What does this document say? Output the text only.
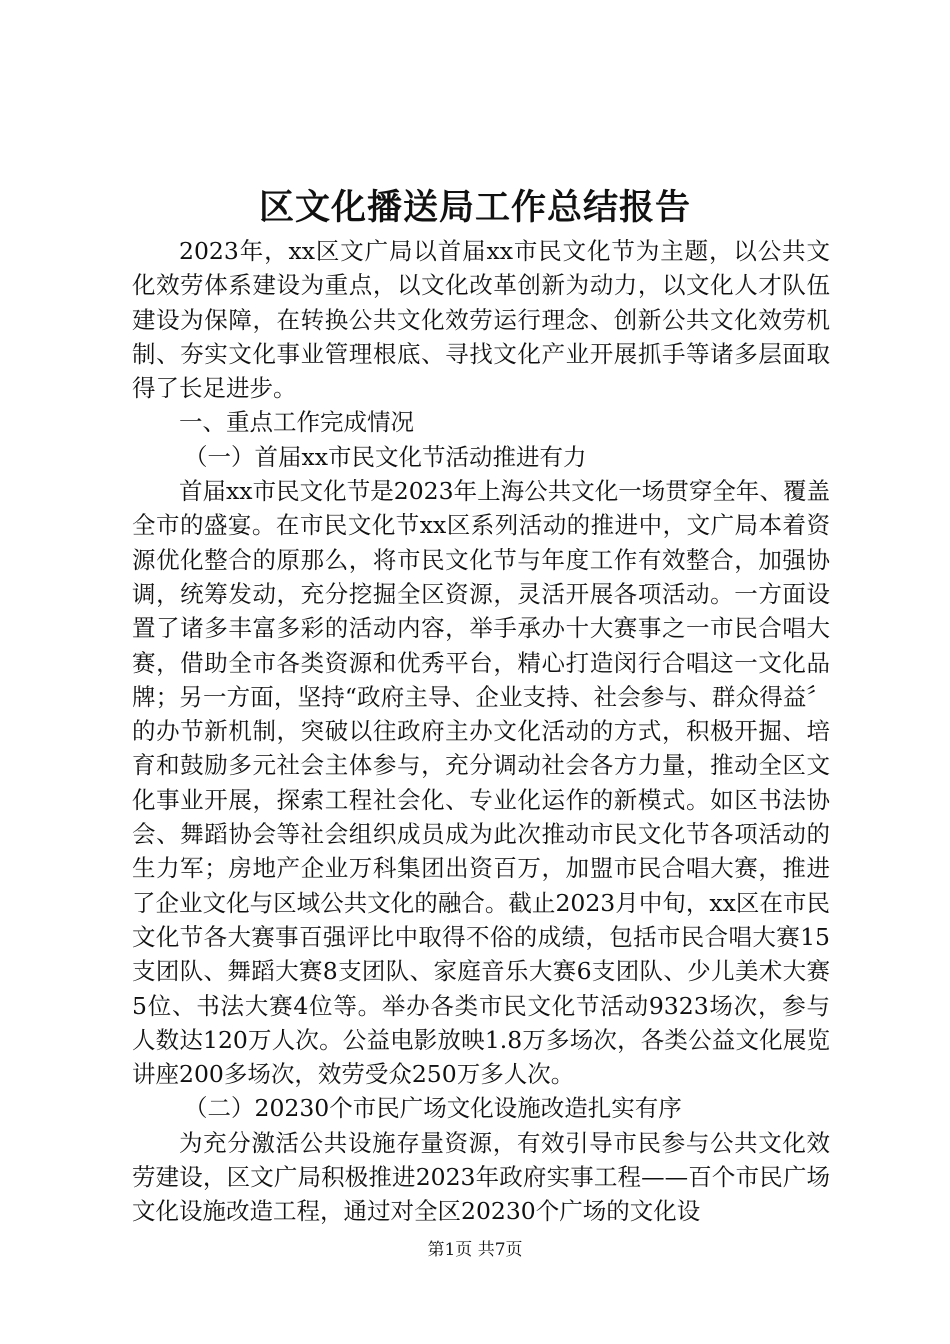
区文化播送局工作总结报告

2023年，xx区文广局以首届xx市民文化节为主题，以公共文化效劳体系建设为重点，以文化改革创新为动力，以文化人才队伍建设为保障，在转换公共文化效劳运行理念、创新公共文化效劳机制、夯实文化事业管理根底、寻找文化产业开展抓手等诸多层面取得了长足进步。

一、重点工作完成情况

（一）首届xx市民文化节活动推进有力

首届xx市民文化节是2023年上海公共文化一场贯穿全年、覆盖全市的盛宴。在市民文化节xx区系列活动的推进中，文广局本着资源优化整合的原那么，将市民文化节与年度工作有效整合，加强协调，统筹发动，充分挖掘全区资源，灵活开展各项活动。一方面设置了诸多丰富多彩的活动内容，举手承办十大赛事之一市民合唱大赛，借助全市各类资源和优秀平台，精心打造闵行合唱这一文化品牌；另一方面，坚持“政府主导、企业支持、社会参与、群众得益〞的办节新机制，突破以往政府主办文化活动的方式，积极开掘、培育和鼓励多元社会主体参与，充分调动社会各方力量，推动全区文化事业开展，探索工程社会化、专业化运作的新模式。如区书法协会、舞蹈协会等社会组织成员成为此次推动市民文化节各项活动的生力军；房地产企业万科集团出资百万，加盟市民合唱大赛，推进了企业文化与区域公共文化的融合。截止2023月中旬，xx区在市民文化节各大赛事百强评比中取得不俗的成绩，包括市民合唱大赛15支团队、舞蹈大赛8支团队、家庭音乐大赛6支团队、少儿美术大赛5位、书法大赛4位等。举办各类市民文化节活动9323场次，参与人数达120万人次。公益电影放映1.8万多场次，各类公益文化展览讲座200多场次，效劳受众250万多人次。

（二）20230个市民广场文化设施改造扎实有序

为充分激活公共设施存量资源，有效引导市民参与公共文化效劳建设，区文广局积极推进2023年政府实事工程——百个市民广场文化设施改造工程，通过对全区20230个广场的文化设

第1页 共7页
